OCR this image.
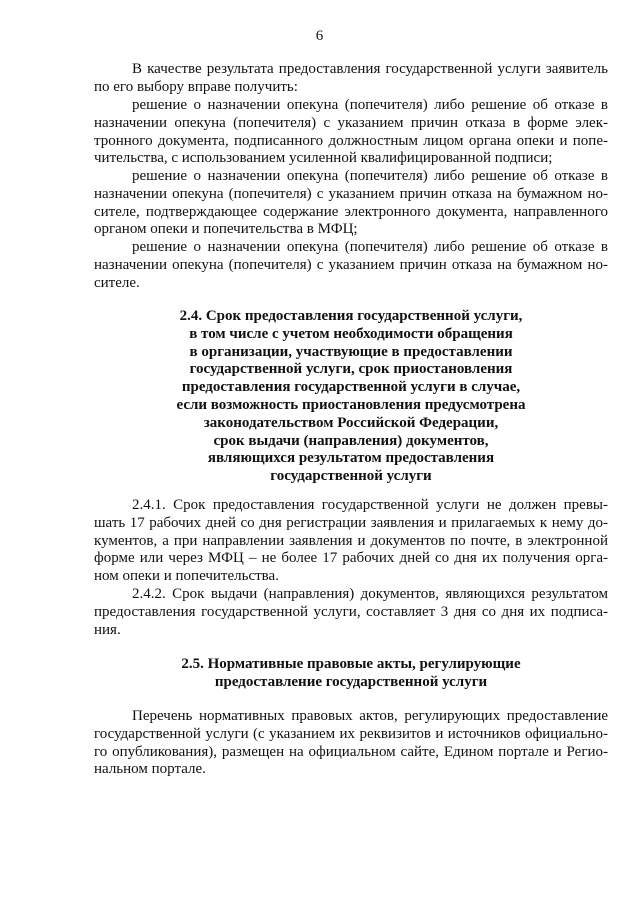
6
В качестве результата предоставления государственной услуги заявитель
по его выбору вправе получить:
решение о назначении опекуна (попечителя) либо решение об отказе в
назначении опекуна (попечителя) с указанием причин отказа в форме элек-
тронного документа, подписанного должностным лицом органа опеки и попе-
чительства, с использованием усиленной квалифицированной подписи;
решение о назначении опекуна (попечителя) либо решение об отказе в
назначении опекуна (попечителя) с указанием причин отказа на бумажном но-
сителе, подтверждающее содержание электронного документа, направленного
органом опеки и попечительства в МФЦ;
решение о назначении опекуна (попечителя) либо решение об отказе в
назначении опекуна (попечителя) с указанием причин отказа на бумажном но-
сителе.
2.4. Срок предоставления государственной услуги,
в том числе с учетом необходимости обращения
в организации, участвующие в предоставлении
государственной услуги, срок приостановления
предоставления государственной услуги в случае,
если возможность приостановления предусмотрена
законодательством Российской Федерации,
срок выдачи (направления) документов,
являющихся результатом предоставления
государственной услуги
2.4.1. Срок предоставления государственной услуги не должен превы-
шать 17 рабочих дней со дня регистрации заявления и прилагаемых к нему до-
кументов, а при направлении заявления и документов по почте, в электронной
форме или через МФЦ – не более 17 рабочих дней со дня их получения орга-
ном опеки и попечительства.
2.4.2. Срок выдачи (направления) документов, являющихся результатом
предоставления государственной услуги, составляет 3 дня со дня их подписа-
ния.
2.5. Нормативные правовые акты, регулирующие
предоставление государственной услуги
Перечень нормативных правовых актов, регулирующих предоставление
государственной услуги (с указанием их реквизитов и источников официально-
го опубликования), размещен на официальном сайте, Едином портале и Регио-
нальном портале.
